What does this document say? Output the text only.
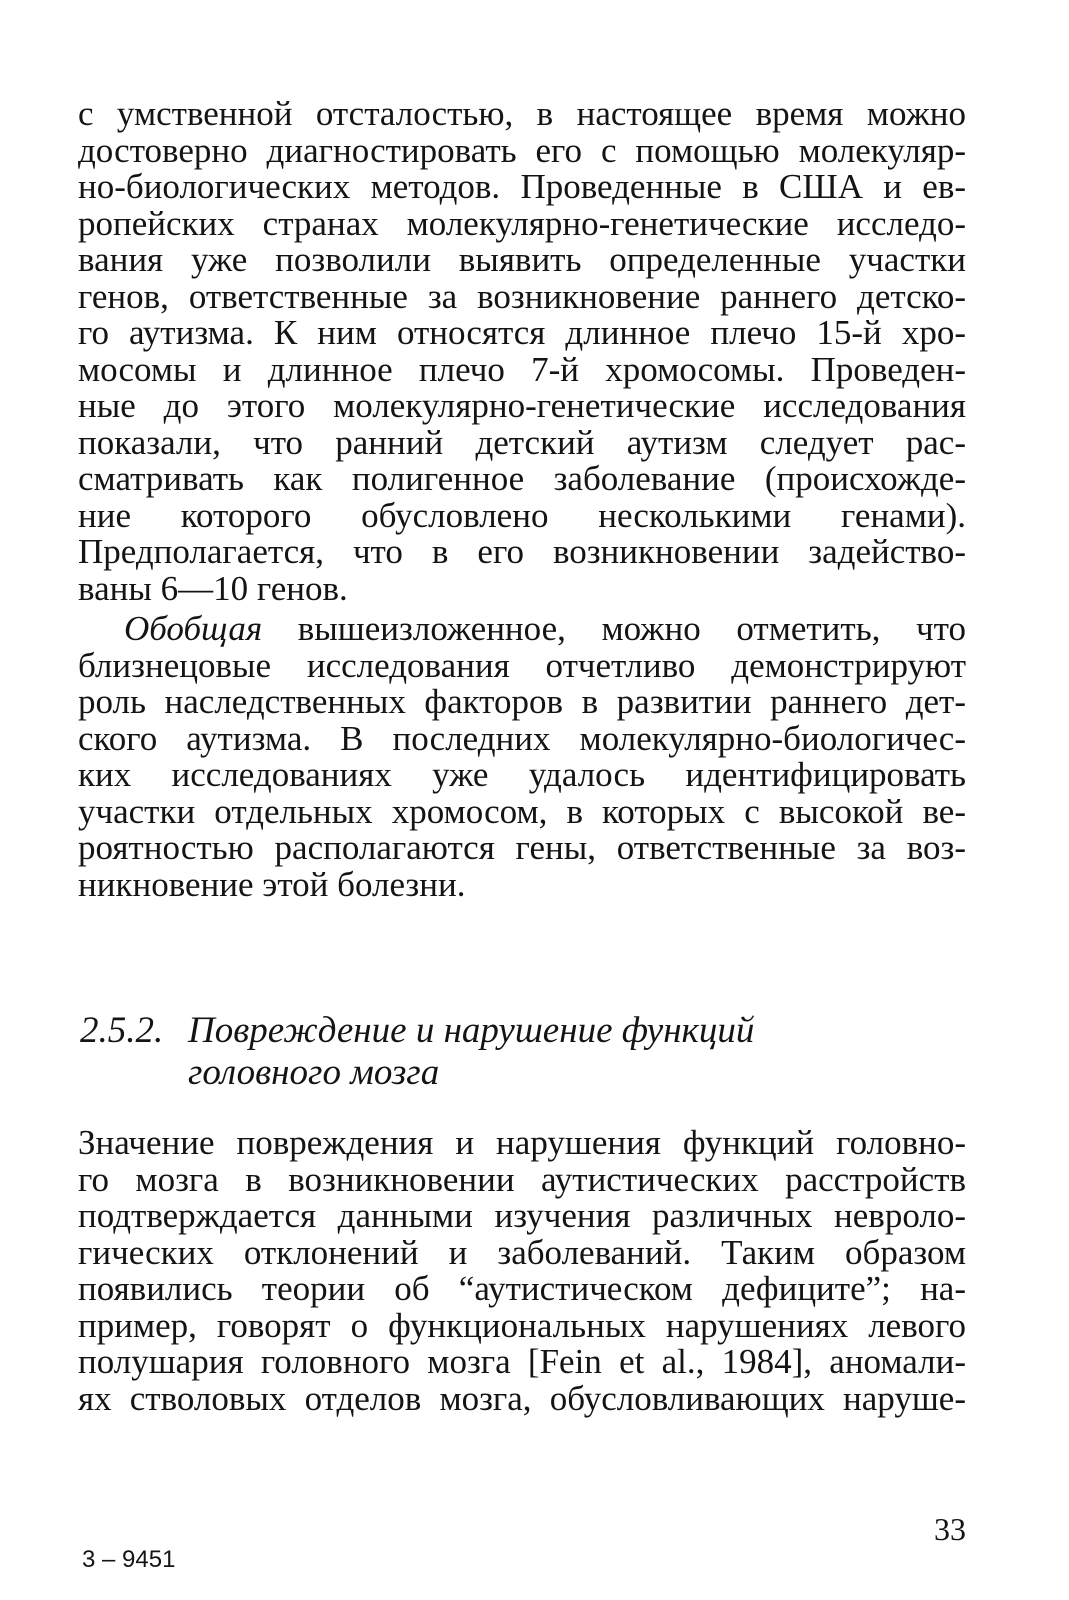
с умственной отсталостью, в настоящее время можно
достоверно диагностировать его с помощью молекуляр-
но-биологических методов. Проведенные в США и ев-
ропейских странах молекулярно-генетические исследо-
вания уже позволили выявить определенные участки
генов, ответственные за возникновение раннего детско-
го аутизма. К ним относятся длинное плечо 15-й хро-
мосомы и длинное плечо 7-й хромосомы. Проведен-
ные до этого молекулярно-генетические исследования
показали, что ранний детский аутизм следует рас-
сматривать как полигенное заболевание (происхожде-
ние которого обусловлено несколькими генами).
Предполагается, что в его возникновении задейство-
ваны 6—10 генов.
Обобщая вышеизложенное, можно отметить, что
близнецовые исследования отчетливо демонстрируют
роль наследственных факторов в развитии раннего дет-
ского аутизма. В последних молекулярно-биологичес-
ких исследованиях уже удалось идентифицировать
участки отдельных хромосом, в которых с высокой ве-
роятностью располагаются гены, ответственные за воз-
никновение этой болезни.
2.5.2. Повреждение и нарушение функций
головного мозга
Значение повреждения и нарушения функций головно-
го мозга в возникновении аутистических расстройств
подтверждается данными изучения различных невроло-
гических отклонений и заболеваний. Таким образом
появились теории об “аутистическом дефиците”; на-
пример, говорят о функциональных нарушениях левого
полушария головного мозга [Fein et al., 1984], аномали-
ях стволовых отделов мозга, обусловливающих наруше-
33
3 – 9451
